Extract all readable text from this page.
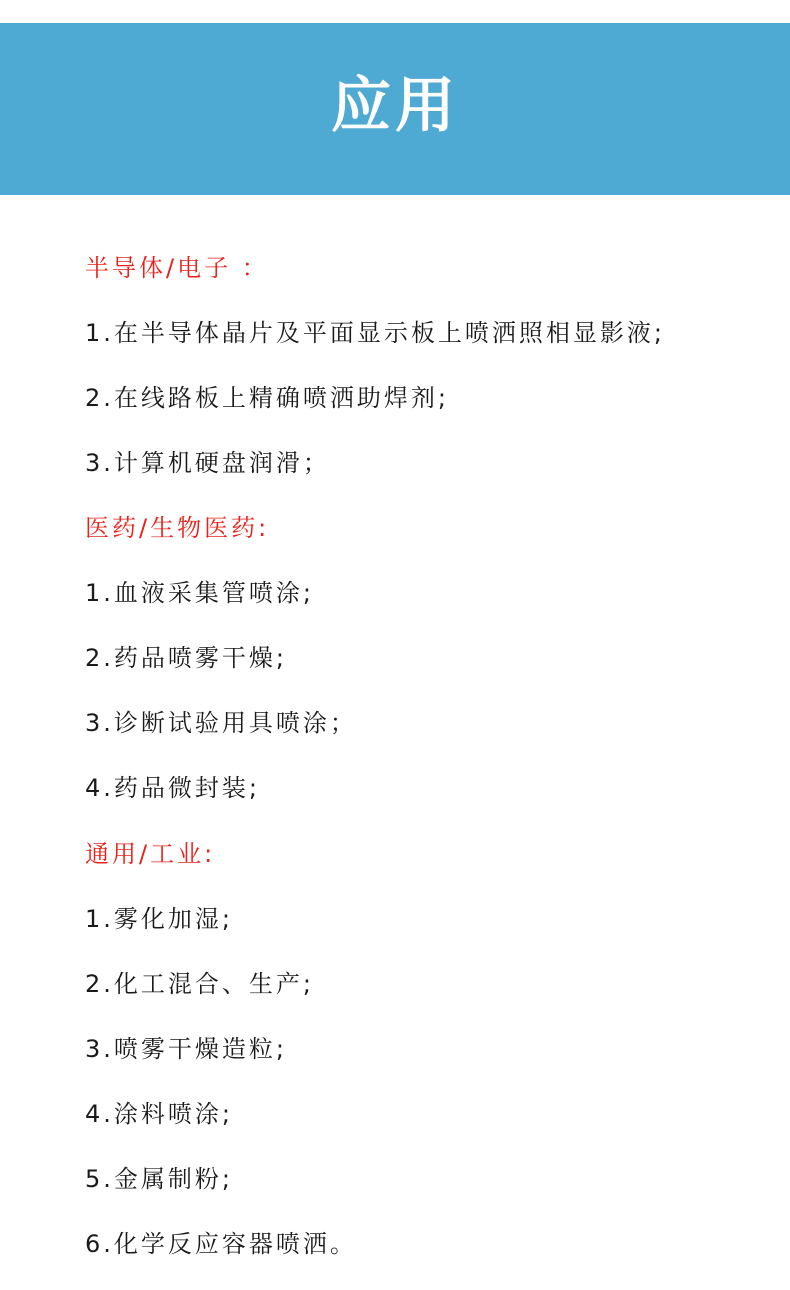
应用
半导体/电子 ：
1.在半导体晶片及平面显示板上喷洒照相显影液;
2.在线路板上精确喷洒助焊剂;
3.计算机硬盘润滑；
医药/生物医药:
1.血液采集管喷涂;
2.药品喷雾干燥;
3.诊断试验用具喷涂；
4.药品微封装;
通用/工业:
1.雾化加湿;
2.化工混合、生产;
3.喷雾干燥造粒;
4.涂料喷涂;
5.金属制粉;
6.化学反应容器喷洒。
